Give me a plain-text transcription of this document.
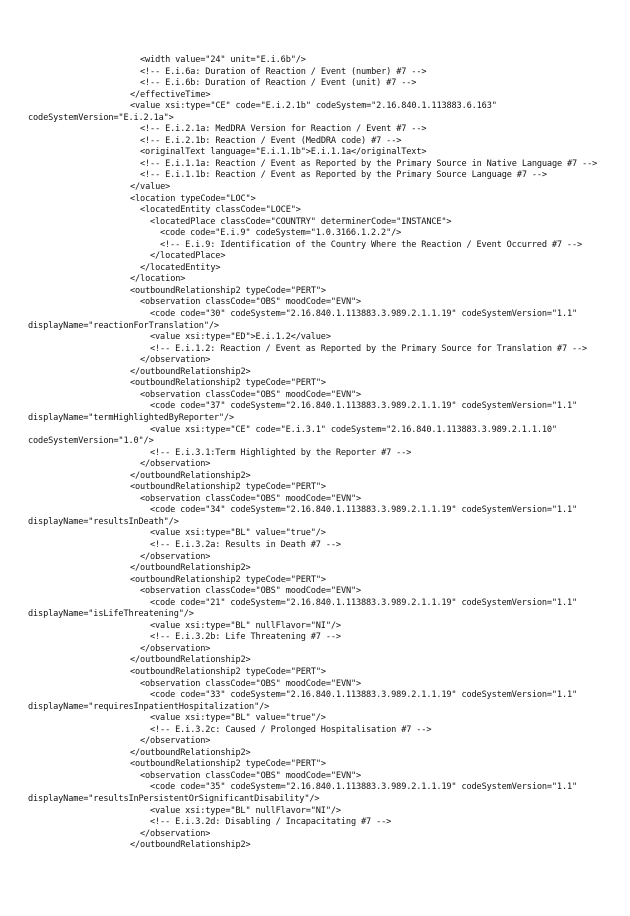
<width value="24" unit="E.i.6b"/>
<!-- E.i.6a: Duration of Reaction / Event (number) #7 -->
<!-- E.i.6b: Duration of Reaction / Event (unit) #7 -->
</effectiveTime>
<value xsi:type="CE" code="E.i.2.1b" codeSystem="2.16.840.1.113883.6.163"
codeSystemVersion="E.i.2.1a">
<!-- E.i.2.1a: MedDRA Version for Reaction / Event #7 -->
<!-- E.i.2.1b: Reaction / Event (MedDRA code) #7 -->
<originalText language="E.i.1.1b">E.i.1.1a</originalText>
<!-- E.i.1.1a: Reaction / Event as Reported by the Primary Source in Native Language #7 -->
<!-- E.i.1.1b: Reaction / Event as Reported by the Primary Source Language #7 -->
</value>
<location typeCode="LOC">
<locatedEntity classCode="LOCE">
<locatedPlace classCode="COUNTRY" determinerCode="INSTANCE">
<code code="E.i.9" codeSystem="1.0.3166.1.2.2"/>
<!-- E.i.9: Identification of the Country Where the Reaction / Event Occurred #7 -->
</locatedPlace>
</locatedEntity>
</location>
<outboundRelationship2 typeCode="PERT">
<observation classCode="OBS" moodCode="EVN">
<code code="30" codeSystem="2.16.840.1.113883.3.989.2.1.1.19" codeSystemVersion="1.1"
displayName="reactionForTranslation"/>
<value xsi:type="ED">E.i.1.2</value>
<!-- E.i.1.2: Reaction / Event as Reported by the Primary Source for Translation #7 -->
</observation>
</outboundRelationship2>
<outboundRelationship2 typeCode="PERT">
<observation classCode="OBS" moodCode="EVN">
<code code="37" codeSystem="2.16.840.1.113883.3.989.2.1.1.19" codeSystemVersion="1.1"
displayName="termHighlightedByReporter"/>
<value xsi:type="CE" code="E.i.3.1" codeSystem="2.16.840.1.113883.3.989.2.1.1.10"
codeSystemVersion="1.0"/>
<!-- E.i.3.1:Term Highlighted by the Reporter #7 -->
</observation>
</outboundRelationship2>
<outboundRelationship2 typeCode="PERT">
<observation classCode="OBS" moodCode="EVN">
<code code="34" codeSystem="2.16.840.1.113883.3.989.2.1.1.19" codeSystemVersion="1.1"
displayName="resultsInDeath"/>
<value xsi:type="BL" value="true"/>
<!-- E.i.3.2a: Results in Death #7 -->
</observation>
</outboundRelationship2>
<outboundRelationship2 typeCode="PERT">
<observation classCode="OBS" moodCode="EVN">
<code code="21" codeSystem="2.16.840.1.113883.3.989.2.1.1.19" codeSystemVersion="1.1"
displayName="isLifeThreatening"/>
<value xsi:type="BL" nullFlavor="NI"/>
<!-- E.i.3.2b: Life Threatening #7 -->
</observation>
</outboundRelationship2>
<outboundRelationship2 typeCode="PERT">
<observation classCode="OBS" moodCode="EVN">
<code code="33" codeSystem="2.16.840.1.113883.3.989.2.1.1.19" codeSystemVersion="1.1"
displayName="requiresInpatientHospitalization"/>
<value xsi:type="BL" value="true"/>
<!-- E.i.3.2c: Caused / Prolonged Hospitalisation #7 -->
</observation>
</outboundRelationship2>
<outboundRelationship2 typeCode="PERT">
<observation classCode="OBS" moodCode="EVN">
<code code="35" codeSystem="2.16.840.1.113883.3.989.2.1.1.19" codeSystemVersion="1.1"
displayName="resultsInPersistentOrSignificantDisability"/>
<value xsi:type="BL" nullFlavor="NI"/>
<!-- E.i.3.2d: Disabling / Incapacitating #7 -->
</observation>
</outboundRelationship2>
